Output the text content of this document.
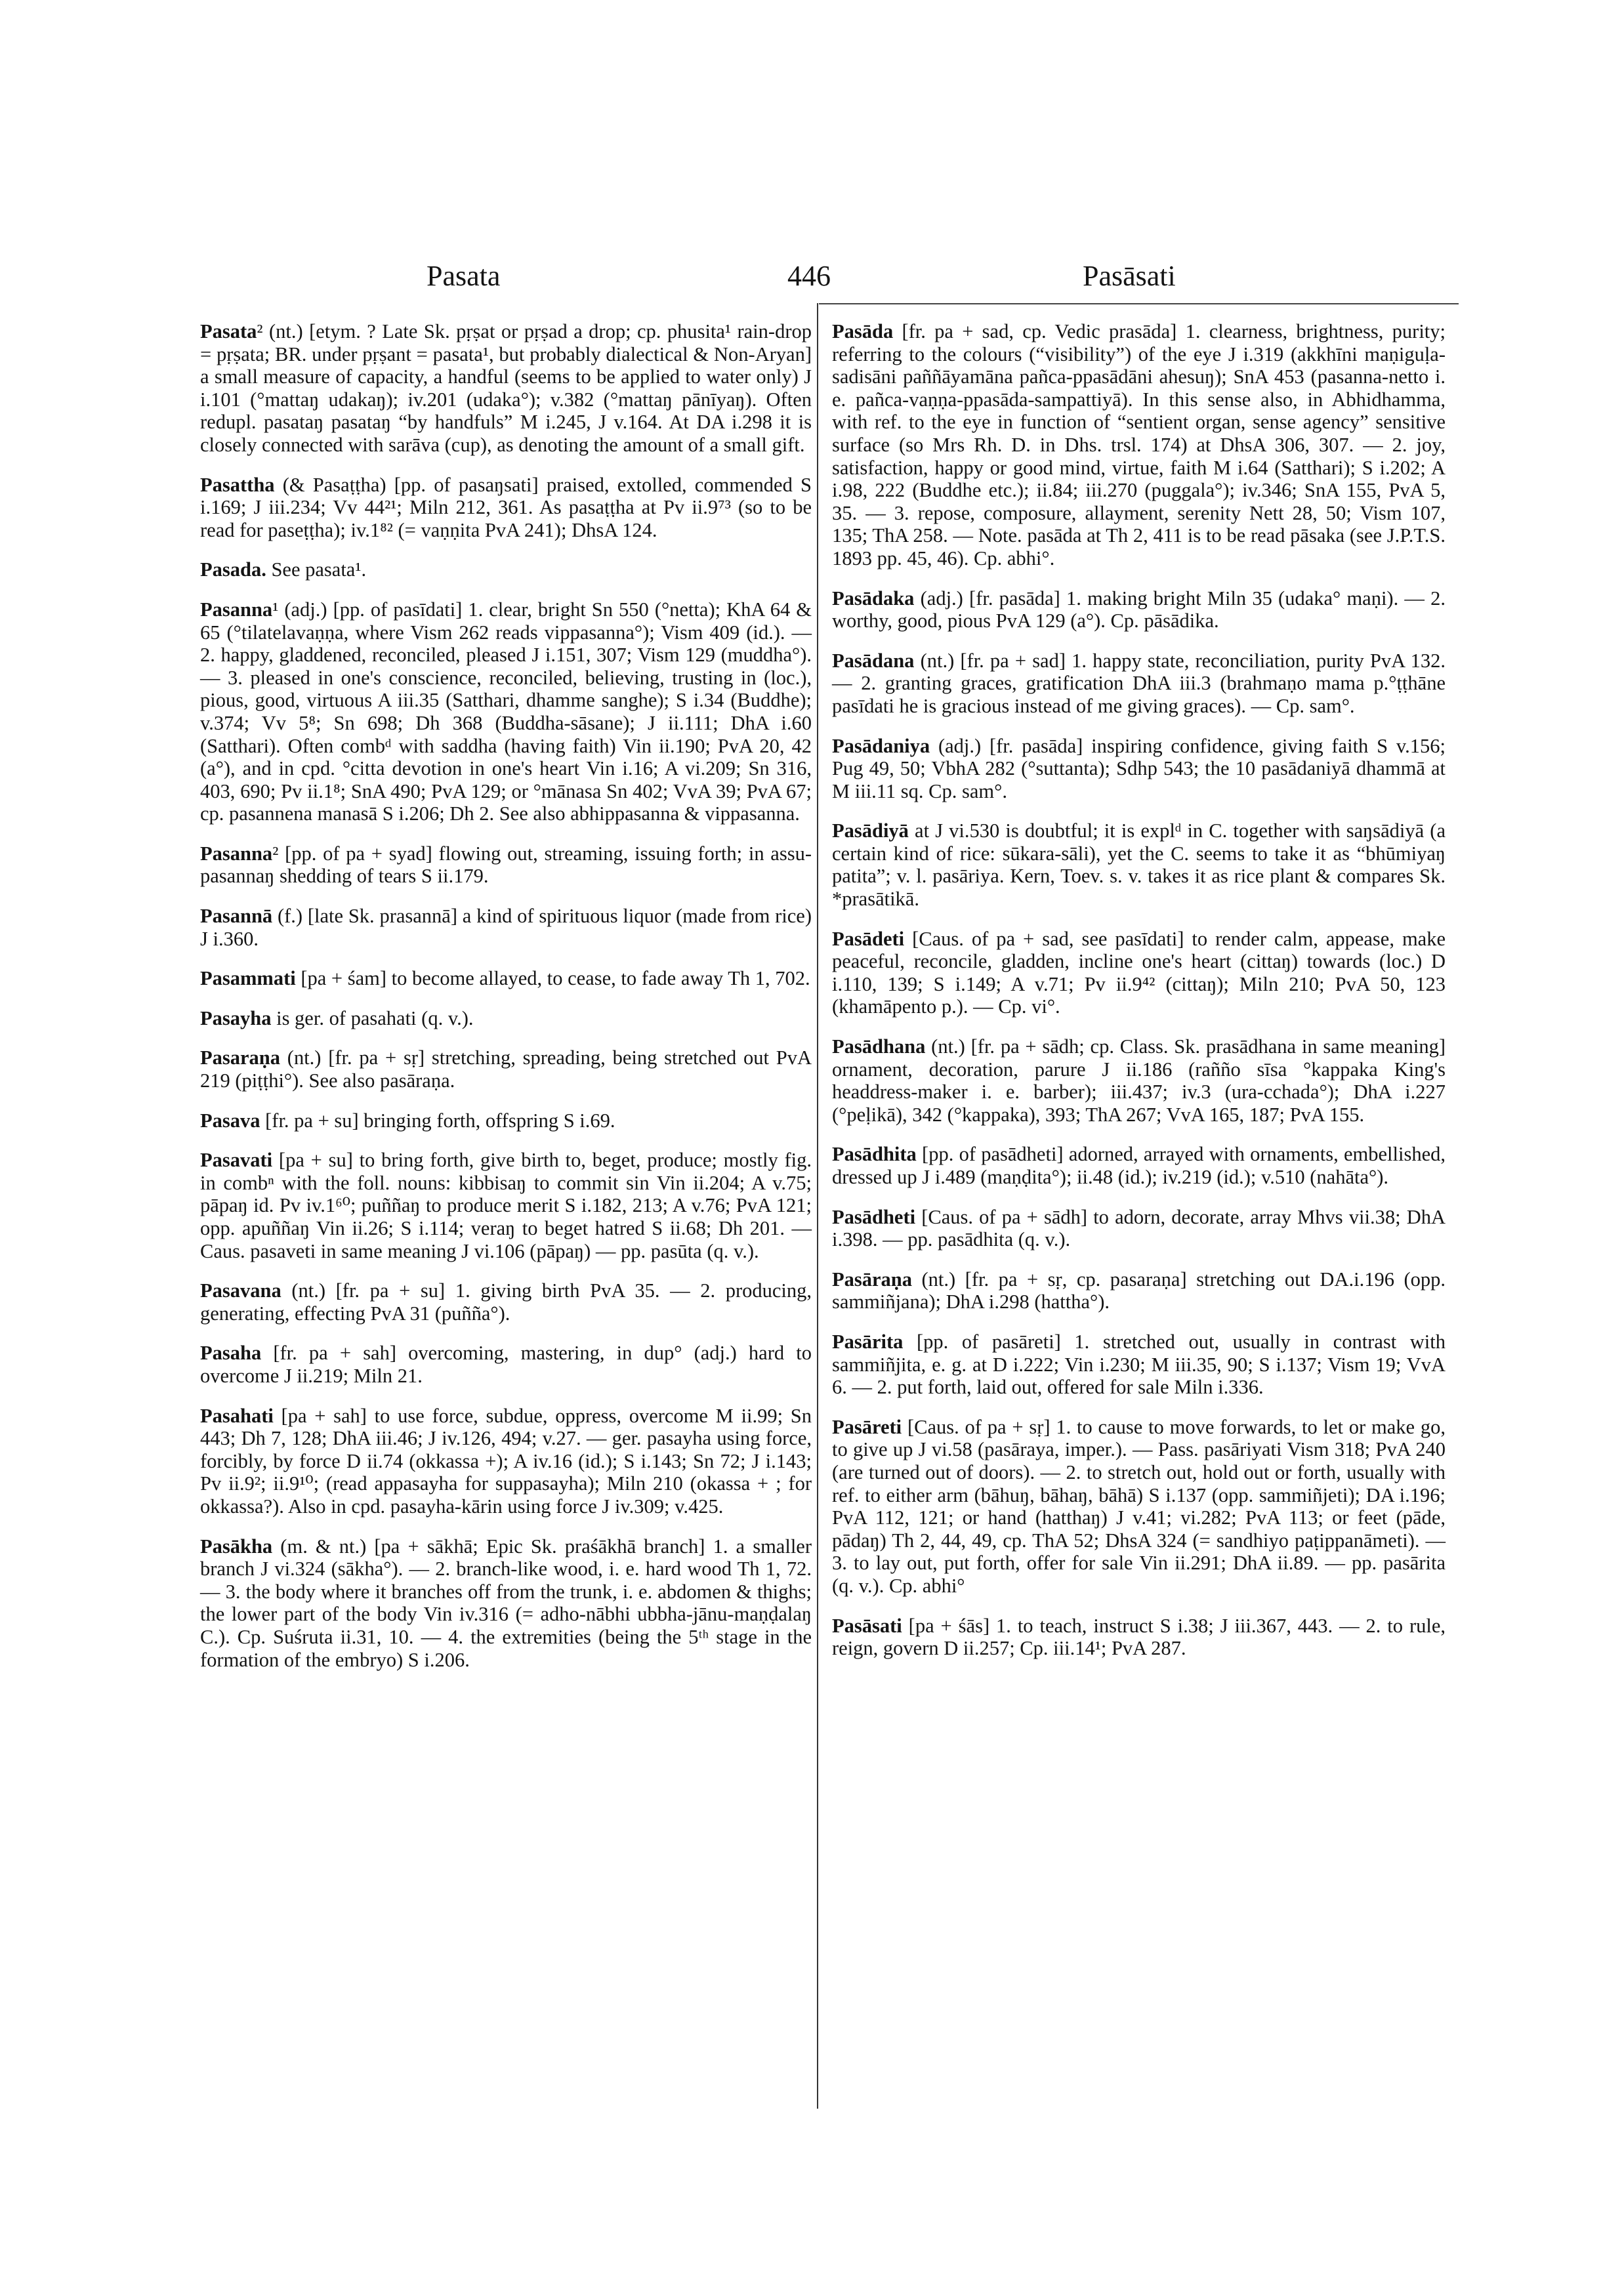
Pasata	446	Pasāsati

Pasata² (nt.) [etym. ? Late Sk. pṛṣat or pṛṣad a drop; cp. phusita¹ rain-drop = pṛṣata; BR. under pṛṣant = pasata¹, but probably dialectical & Non-Aryan] a small measure of capacity, a handful (seems to be applied to water only) J i.101 (°mattaŋ udakaŋ); iv.201 (udaka°); v.382 (°mattaŋ pānīyaŋ). Often redupl. pasataŋ pasataŋ “by handfuls” M i.245, J v.164. At DA i.298 it is closely connected with sarāva (cup), as denoting the amount of a small gift.

Pasattha (& Pasaṭṭha) [pp. of pasaŋsati] praised, extolled, commended S i.169; J iii.234; Vv 44²¹; Miln 212, 361. As pasaṭṭha at Pv ii.9⁷³ (so to be read for paseṭṭha); iv.1⁸² (= vaṇṇita PvA 241); DhsA 124.

Pasada. See pasata¹.

Pasanna¹ (adj.) [pp. of pasīdati] 1. clear, bright Sn 550 (°netta); KhA 64 & 65 (°tilatelavaṇṇa, where Vism 262 reads vippasanna°); Vism 409 (id.). — 2. happy, gladdened, reconciled, pleased J i.151, 307; Vism 129 (muddha°). — 3. pleased in one's conscience, reconciled, believing, trusting in (loc.), pious, good, virtuous A iii.35 (Satthari, dhamme sanghe); S i.34 (Buddhe); v.374; Vv 5⁸; Sn 698; Dh 368 (Buddha-sāsane); J ii.111; DhA i.60 (Satthari). Often combᵈ with saddha (having faith) Vin ii.190; PvA 20, 42 (a°), and in cpd. °citta devotion in one's heart Vin i.16; A vi.209; Sn 316, 403, 690; Pv ii.1⁸; SnA 490; PvA 129; or °mānasa Sn 402; VvA 39; PvA 67; cp. pasannena manasā S i.206; Dh 2. See also abhippasanna & vippasanna.

Pasanna² [pp. of pa + syad] flowing out, streaming, issuing forth; in assu-pasannaŋ shedding of tears S ii.179.

Pasannā (f.) [late Sk. prasannā] a kind of spirituous liquor (made from rice) J i.360.

Pasammati [pa + śam] to become allayed, to cease, to fade away Th 1, 702.

Pasayha is ger. of pasahati (q. v.).

Pasaraṇa (nt.) [fr. pa + sṛ] stretching, spreading, being stretched out PvA 219 (piṭṭhi°). See also pasāraṇa.

Pasava [fr. pa + su] bringing forth, offspring S i.69.

Pasavati [pa + su] to bring forth, give birth to, beget, produce; mostly fig. in combⁿ with the foll. nouns: kibbisaŋ to commit sin Vin ii.204; A v.75; pāpaŋ id. Pv iv.1⁶⁰; puññaŋ to produce merit S i.182, 213; A v.76; PvA 121; opp. apuññaŋ Vin ii.26; S i.114; veraŋ to beget hatred S ii.68; Dh 201. — Caus. pasaveti in same meaning J vi.106 (pāpaŋ) — pp. pasūta (q. v.).

Pasavana (nt.) [fr. pa + su] 1. giving birth PvA 35. — 2. producing, generating, effecting PvA 31 (puñña°).

Pasaha [fr. pa + sah] overcoming, mastering, in dup° (adj.) hard to overcome J ii.219; Miln 21.

Pasahati [pa + sah] to use force, subdue, oppress, overcome M ii.99; Sn 443; Dh 7, 128; DhA iii.46; J iv.126, 494; v.27. — ger. pasayha using force, forcibly, by force D ii.74 (okkassa +); A iv.16 (id.); S i.143; Sn 72; J i.143; Pv ii.9²; ii.9¹⁰; (read appasayha for suppasayha); Miln 210 (okassa + ; for okkassa?). Also in cpd. pasayha-kārin using force J iv.309; v.425.

Pasākha (m. & nt.) [pa + sākhā; Epic Sk. praśākhā branch] 1. a smaller branch J vi.324 (sākha°). — 2. branch-like wood, i. e. hard wood Th 1, 72. — 3. the body where it branches off from the trunk, i. e. abdomen & thighs; the lower part of the body Vin iv.316 (= adho-nābhi ubbha-jānu-maṇḍalaŋ C.). Cp. Suśruta ii.31, 10. — 4. the extremities (being the 5ᵗʰ stage in the formation of the embryo) S i.206.

Pasāda [fr. pa + sad, cp. Vedic prasāda] 1. clearness, brightness, purity; referring to the colours (“visibility”) of the eye J i.319 (akkhīni maṇiguḷa-sadisāni paññāyamāna pañca-ppasādāni ahesuŋ); SnA 453 (pasanna-netto i. e. pañca-vaṇṇa-ppasāda-sampattiyā). In this sense also, in Abhidhamma, with ref. to the eye in function of “sentient organ, sense agency” sensitive surface (so Mrs Rh. D. in Dhs. trsl. 174) at DhsA 306, 307. — 2. joy, satisfaction, happy or good mind, virtue, faith M i.64 (Satthari); S i.202; A i.98, 222 (Buddhe etc.); ii.84; iii.270 (puggala°); iv.346; SnA 155, PvA 5, 35. — 3. repose, composure, allayment, serenity Nett 28, 50; Vism 107, 135; ThA 258. — Note. pasāda at Th 2, 411 is to be read pāsaka (see J.P.T.S. 1893 pp. 45, 46). Cp. abhi°.

Pasādaka (adj.) [fr. pasāda] 1. making bright Miln 35 (udaka° maṇi). — 2. worthy, good, pious PvA 129 (a°). Cp. pāsādika.

Pasādana (nt.) [fr. pa + sad] 1. happy state, reconciliation, purity PvA 132. — 2. granting graces, gratification DhA iii.3 (brahmaṇo mama p.°ṭṭhāne pasīdati he is gracious instead of me giving graces). — Cp. sam°.

Pasādaniya (adj.) [fr. pasāda] inspiring confidence, giving faith S v.156; Pug 49, 50; VbhA 282 (°suttanta); Sdhp 543; the 10 pasādaniyā dhammā at M iii.11 sq. Cp. sam°.

Pasādiyā at J vi.530 is doubtful; it is explᵈ in C. together with saŋsādiyā (a certain kind of rice: sūkara-sāli), yet the C. seems to take it as “bhūmiyaŋ patita”; v. l. pasāriya. Kern, Toev. s. v. takes it as rice plant & compares Sk. *prasātikā.

Pasādeti [Caus. of pa + sad, see pasīdati] to render calm, appease, make peaceful, reconcile, gladden, incline one's heart (cittaŋ) towards (loc.) D i.110, 139; S i.149; A v.71; Pv ii.9⁴² (cittaŋ); Miln 210; PvA 50, 123 (khamāpento p.). — Cp. vi°.

Pasādhana (nt.) [fr. pa + sādh; cp. Class. Sk. prasādhana in same meaning] ornament, decoration, parure J ii.186 (rañño sīsa °kappaka King's headdress-maker i. e. barber); iii.437; iv.3 (ura-cchada°); DhA i.227 (°peḷikā), 342 (°kappaka), 393; ThA 267; VvA 165, 187; PvA 155.

Pasādhita [pp. of pasādheti] adorned, arrayed with ornaments, embellished, dressed up J i.489 (maṇḍita°); ii.48 (id.); iv.219 (id.); v.510 (nahāta°).

Pasādheti [Caus. of pa + sādh] to adorn, decorate, array Mhvs vii.38; DhA i.398. — pp. pasādhita (q. v.).

Pasāraṇa (nt.) [fr. pa + sṛ, cp. pasaraṇa] stretching out DA.i.196 (opp. sammiñjana); DhA i.298 (hattha°).

Pasārita [pp. of pasāreti] 1. stretched out, usually in contrast with sammiñjita, e. g. at D i.222; Vin i.230; M iii.35, 90; S i.137; Vism 19; VvA 6. — 2. put forth, laid out, offered for sale Miln i.336.

Pasāreti [Caus. of pa + sṛ] 1. to cause to move forwards, to let or make go, to give up J vi.58 (pasāraya, imper.). — Pass. pasāriyati Vism 318; PvA 240 (are turned out of doors). — 2. to stretch out, hold out or forth, usually with ref. to either arm (bāhuŋ, bāhaŋ, bāhā) S i.137 (opp. sammiñjeti); DA i.196; PvA 112, 121; or hand (hatthaŋ) J v.41; vi.282; PvA 113; or feet (pāde, pādaŋ) Th 2, 44, 49, cp. ThA 52; DhsA 324 (= sandhiyo paṭippanāmeti). — 3. to lay out, put forth, offer for sale Vin ii.291; DhA ii.89. — pp. pasārita (q. v.). Cp. abhi°

Pasāsati [pa + śās] 1. to teach, instruct S i.38; J iii.367, 443. — 2. to rule, reign, govern D ii.257; Cp. iii.14¹; PvA 287.
